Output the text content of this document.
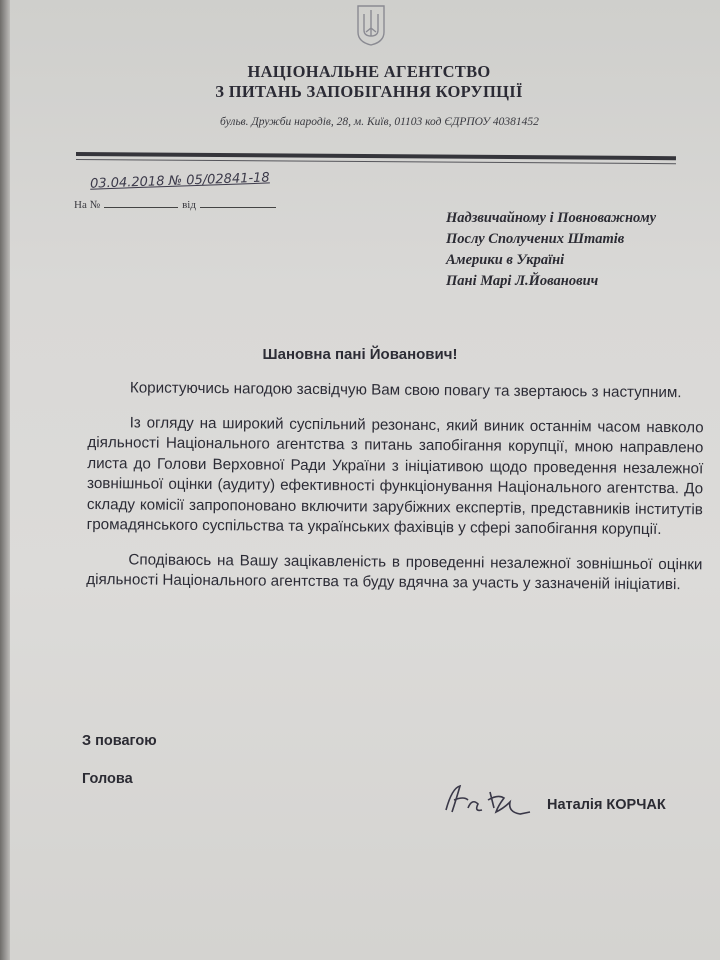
НАЦІОНАЛЬНЕ АГЕНТСТВО
З ПИТАНЬ ЗАПОБІГАННЯ КОРУПЦІЇ
бульв. Дружби народів, 28, м. Київ, 01103 код ЄДРПОУ 40381452
03.04.2018 № 05/02841-18
На №	від
Надзвичайному і Повноважному
Послу Сполучених Штатів
Америки в Україні
Пані Марі Л.Йованович
Шановна пані Йованович!

Користуючись нагодою засвідчую Вам свою повагу та звертаюсь з наступним.

Із огляду на широкий суспільний резонанс, який виник останнім часом навколо діяльності Національного агентства з питань запобігання корупції, мною направлено листа до Голови Верховної Ради України з ініціативою щодо проведення незалежної зовнішньої оцінки (аудиту) ефективності функціонування Національного агентства. До складу комісії запропоновано включити зарубіжних експертів, представників інститутів громадянського суспільства та українських фахівців у сфері запобігання корупції.

Сподіваюсь на Вашу зацікавленість в проведенні незалежної зовнішньої оцінки діяльності Національного агентства та буду вдячна за участь у зазначеній ініціативі.

З повагою
Голова
Наталія КОРЧАК
